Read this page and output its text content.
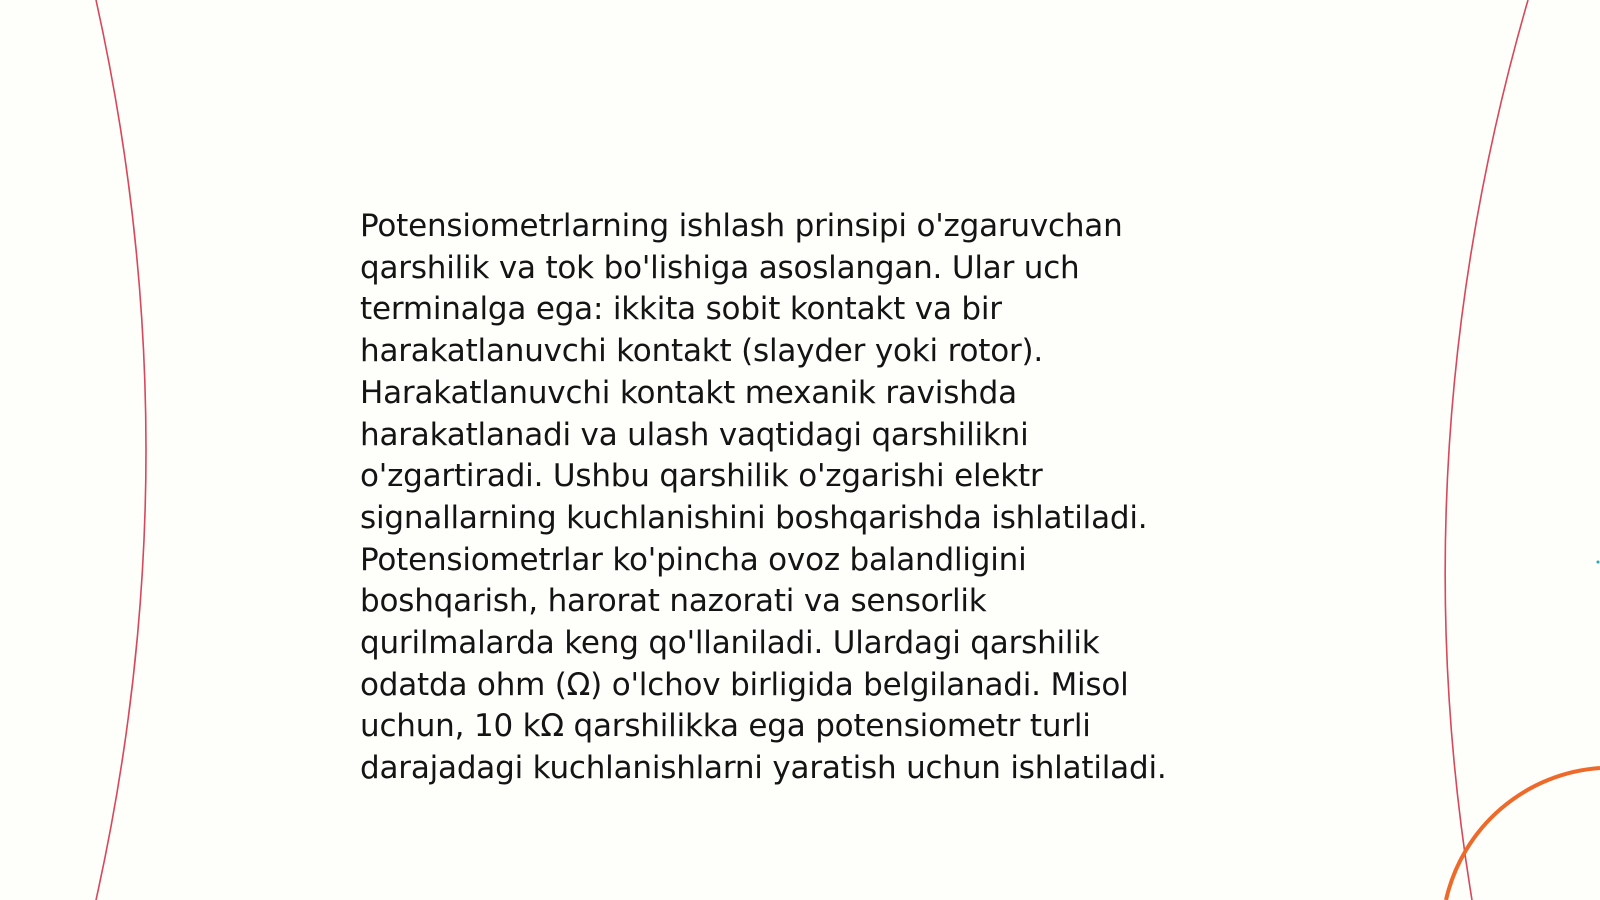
Potensiometrlarning ishlash prinsipi o'zgaruvchan
qarshilik va tok bo'lishiga asoslangan. Ular uch
terminalga ega: ikkita sobit kontakt va bir
harakatlanuvchi kontakt (slayder yoki rotor).
Harakatlanuvchi kontakt mexanik ravishda
harakatlanadi va ulash vaqtidagi qarshilikni
o'zgartiradi. Ushbu qarshilik o'zgarishi elektr
signallarning kuchlanishini boshqarishda ishlatiladi.
Potensiometrlar ko'pincha ovoz balandligini
boshqarish, harorat nazorati va sensorlik
qurilmalarda keng qo'llaniladi. Ulardagi qarshilik
odatda ohm (Ω) o'lchov birligida belgilanadi. Misol
uchun, 10 kΩ qarshilikka ega potensiometr turli
darajadagi kuchlanishlarni yaratish uchun ishlatiladi.
